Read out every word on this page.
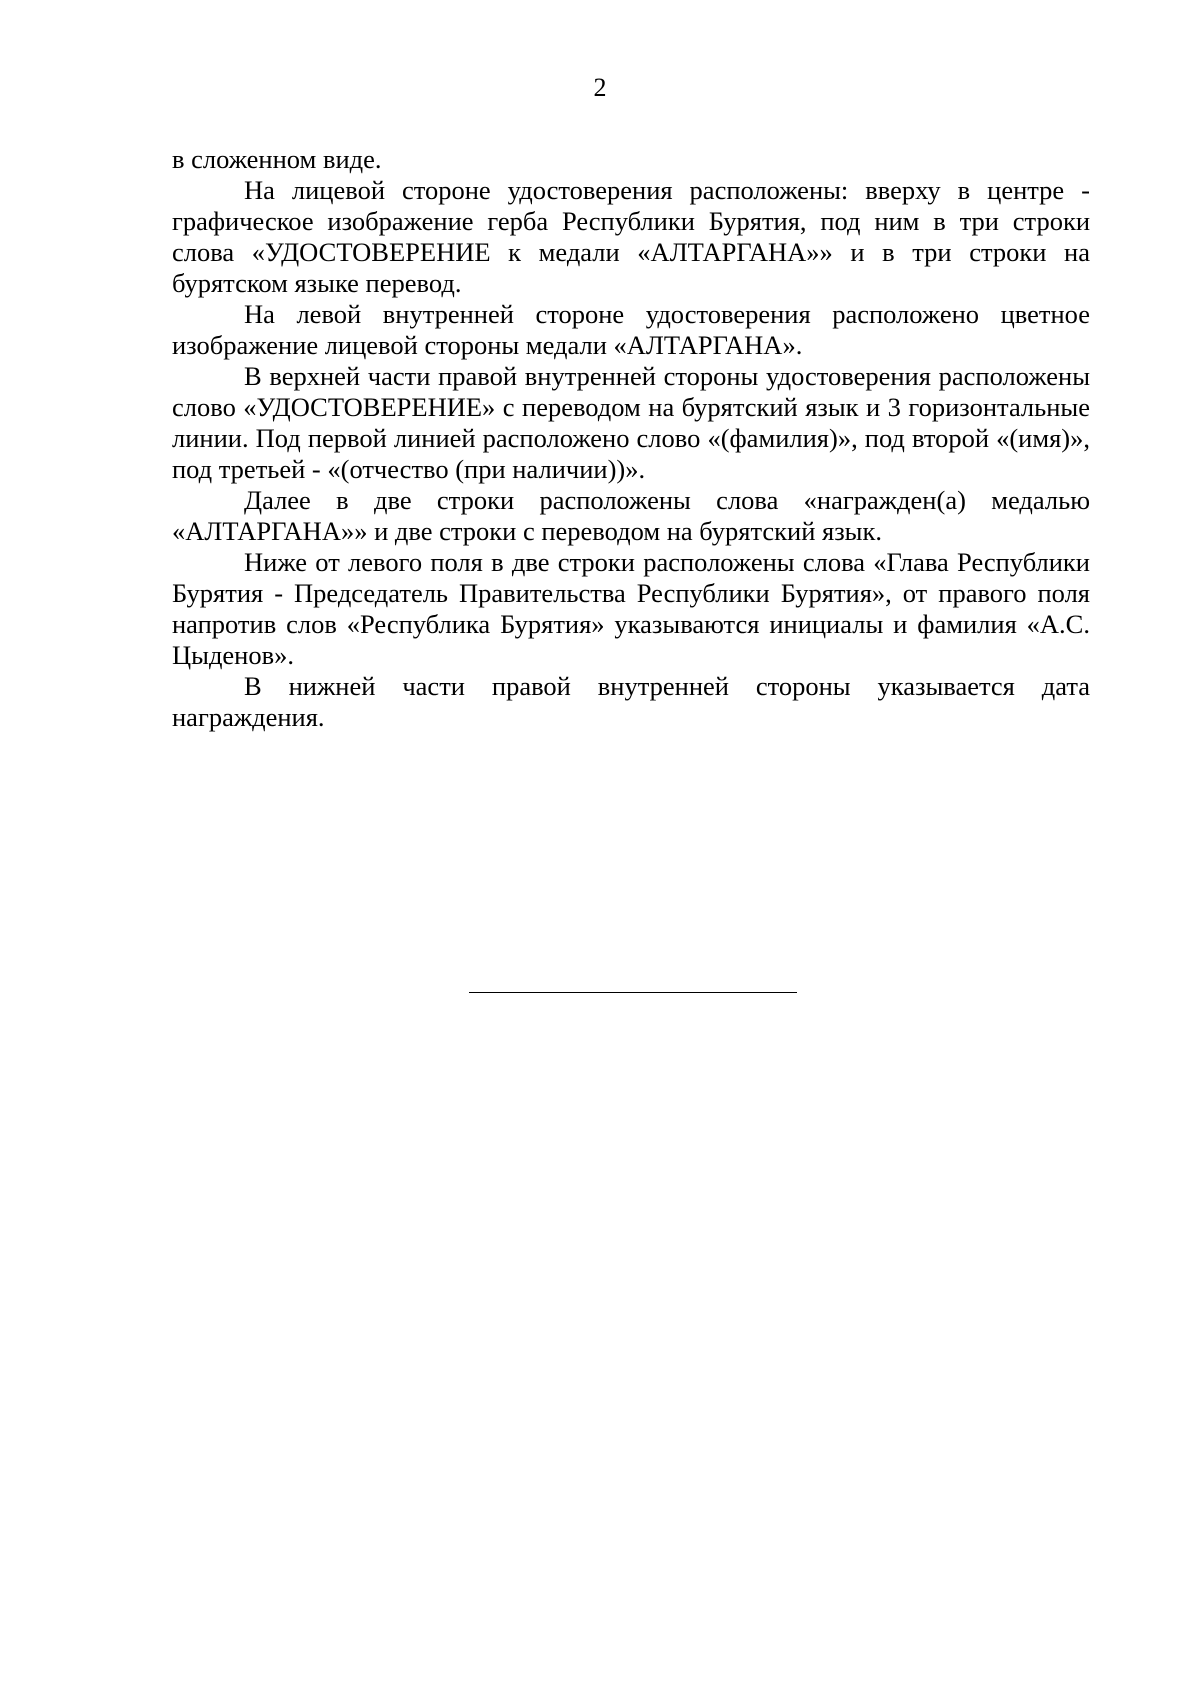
2

в сложенном виде.

На лицевой стороне удостоверения расположены: вверху в центре - графическое изображение герба Республики Бурятия, под ним в три строки слова «УДОСТОВЕРЕНИЕ к медали «АЛТАРГАНА»» и в три строки на бурятском языке перевод.

На левой внутренней стороне удостоверения расположено цветное изображение лицевой стороны медали «АЛТАРГАНА».

В верхней части правой внутренней стороны удостоверения расположены слово «УДОСТОВЕРЕНИЕ» с переводом на бурятский язык и 3 горизонтальные линии. Под первой линией расположено слово «(фамилия)», под второй «(имя)», под третьей - «(отчество (при наличии))».

Далее в две строки расположены слова «награжден(а) медалью «АЛТАРГАНА»» и две строки с переводом на бурятский язык.

Ниже от левого поля в две строки расположены слова «Глава Республики Бурятия - Председатель Правительства Республики Бурятия», от правого поля напротив слов «Республика Бурятия» указываются инициалы и фамилия «А.С. Цыденов».

В нижней части правой внутренней стороны указывается дата награждения.
